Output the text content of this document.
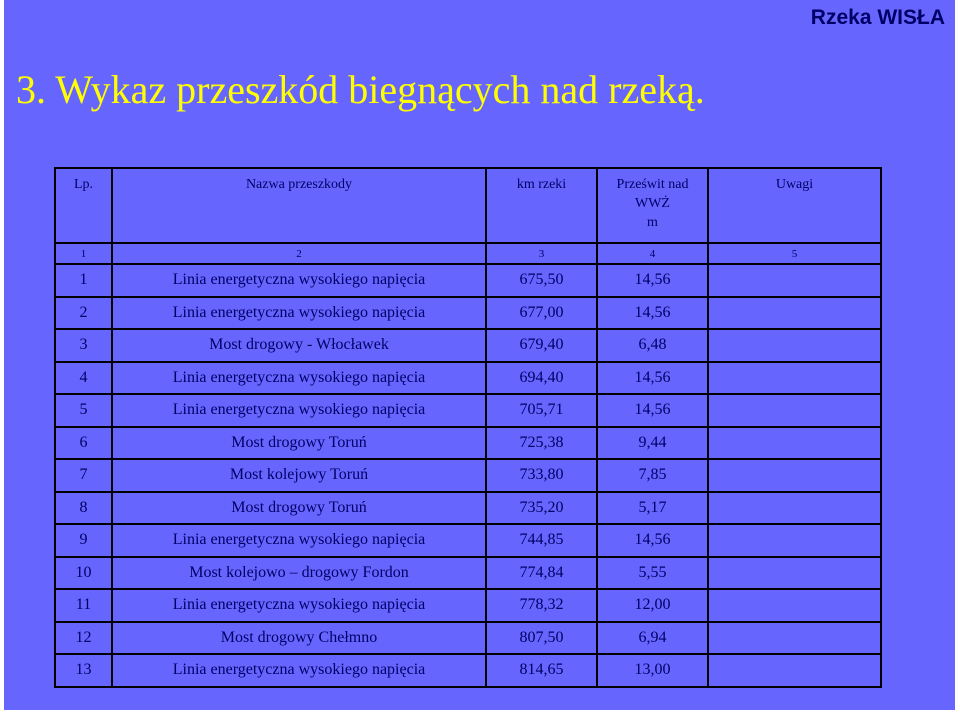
Rzeka WISŁA
3. Wykaz przeszkód biegnących nad rzeką.
Lp.	Nazwa przeszkody	km rzeki	Prześwit nad
WWŻ
m	Uwagi

1	2	3	4	5
1	Linia energetyczna wysokiego napięcia	675,50	14,56	
2	Linia energetyczna wysokiego napięcia	677,00	14,56	
3	Most drogowy - Włocławek	679,40	6,48	
4	Linia energetyczna wysokiego napięcia	694,40	14,56	
5	Linia energetyczna wysokiego napięcia	705,71	14,56	
6	Most drogowy Toruń	725,38	9,44	
7	Most kolejowy Toruń	733,80	7,85	
8	Most drogowy Toruń	735,20	5,17	
9	Linia energetyczna wysokiego napięcia	744,85	14,56	
10	Most kolejowo – drogowy Fordon	774,84	5,55	
11	Linia energetyczna wysokiego napięcia	778,32	12,00	
12	Most drogowy Chełmno	807,50	6,94	
13	Linia energetyczna wysokiego napięcia	814,65	13,00	
